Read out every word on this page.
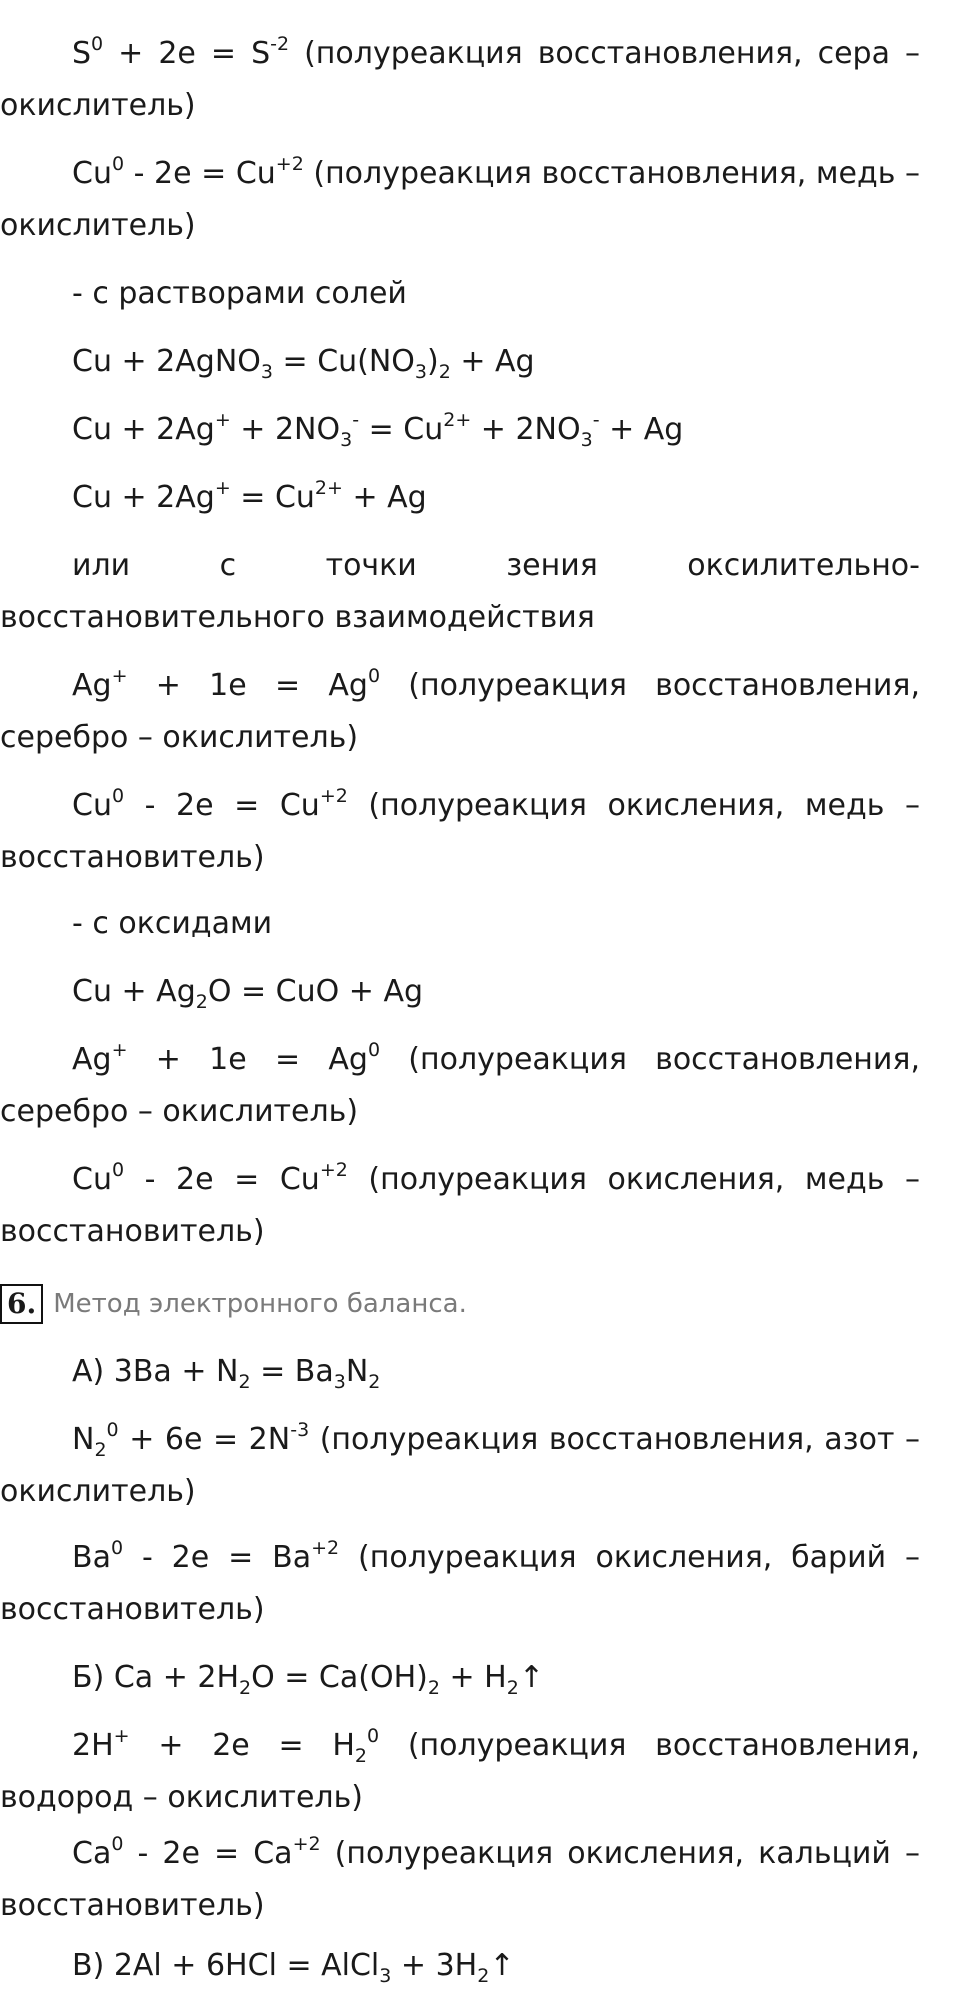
$S^0 + 2e = S^{-2}$ (полуреакция восстановления, сера – окислитель)

$Cu^0 - 2e = Cu^{+2}$ (полуреакция восстановления, медь – окислитель)

- с растворами солей

Cu + 2AgNO$_3$ = $Cu(NO_3)_2 + Ag$

$Cu + 2Ag^+ + 2NO_3^- = Cu^{2+} + 2NO_3^- + Ag$

$Cu + 2Ag^+ = Cu^{2+} + Ag$

или с точки зения оксилительно-восстановительного взаимодействия

$Ag^+ + 1e = Ag^0$ (полуреакция восстановления, серебро – окислитель)

$Cu^0 - 2e = Cu^{+2}$ (полуреакция окисления, медь – восстановитель)

- с оксидами

$Cu + Ag_2O$ = CuO + Ag

$Ag^+ + 1e = Ag^0$ (полуреакция восстановления, серебро – окислитель)

$Cu^0 - 2e = Cu^{+2}$ (полуреакция окисления, медь – восстановитель)

6. Метод электронного баланса.

А) $3Ba + N_2 = Ba_3N_2$

$N_2^0 + 6e = 2N^{-3}$ (полуреакция восстановления, азот – окислитель)

$Ba^0 - 2e = Ba^{+2}$ (полуреакция окисления, барий – восстановитель)

Б) $Ca + 2H_2O = Ca(OH)_2$ + $H_2↑$

$2H^+ + 2e = H_2^0$ (полуреакция восстановления, водород – окислитель)

$Ca^0 - 2e = Ca^{+2}$ (полуреакция окисления, кальций – восстановитель)

В) 2Al + 6HCl = AlCl$_3$ + $3H_2↑$
